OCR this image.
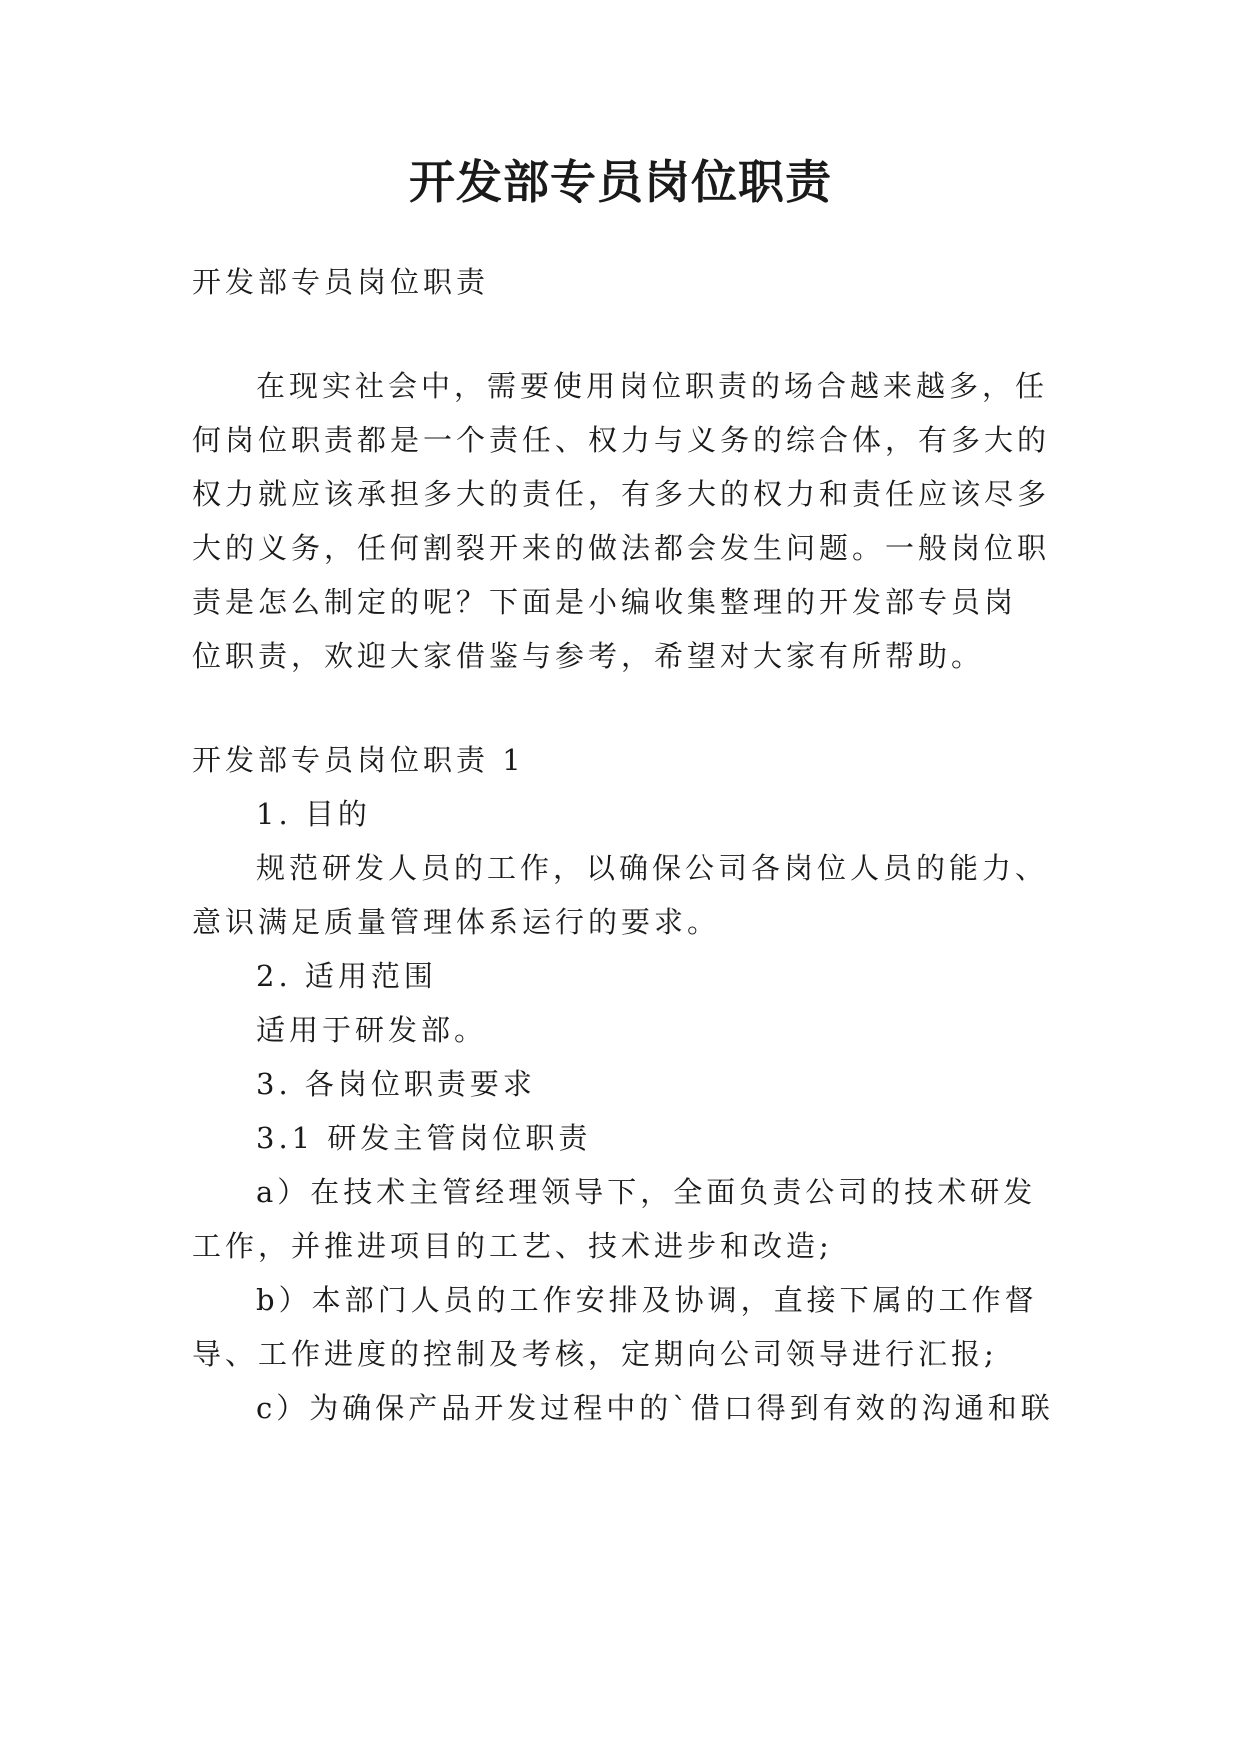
开发部专员岗位职责
开发部专员岗位职责
在现实社会中，需要使用岗位职责的场合越来越多，任
何岗位职责都是一个责任、权力与义务的综合体，有多大的
权力就应该承担多大的责任，有多大的权力和责任应该尽多
大的义务，任何割裂开来的做法都会发生问题。一般岗位职
责是怎么制定的呢？下面是小编收集整理的开发部专员岗
位职责，欢迎大家借鉴与参考，希望对大家有所帮助。
开发部专员岗位职责 1
1. 目的
规范研发人员的工作，以确保公司各岗位人员的能力、
意识满足质量管理体系运行的要求。
2. 适用范围
适用于研发部。
3. 各岗位职责要求
3.1 研发主管岗位职责
a）在技术主管经理领导下，全面负责公司的技术研发
工作，并推进项目的工艺、技术进步和改造;
b）本部门人员的工作安排及协调，直接下属的工作督
导、工作进度的控制及考核，定期向公司领导进行汇报;
c）为确保产品开发过程中的`借口得到有效的沟通和联
